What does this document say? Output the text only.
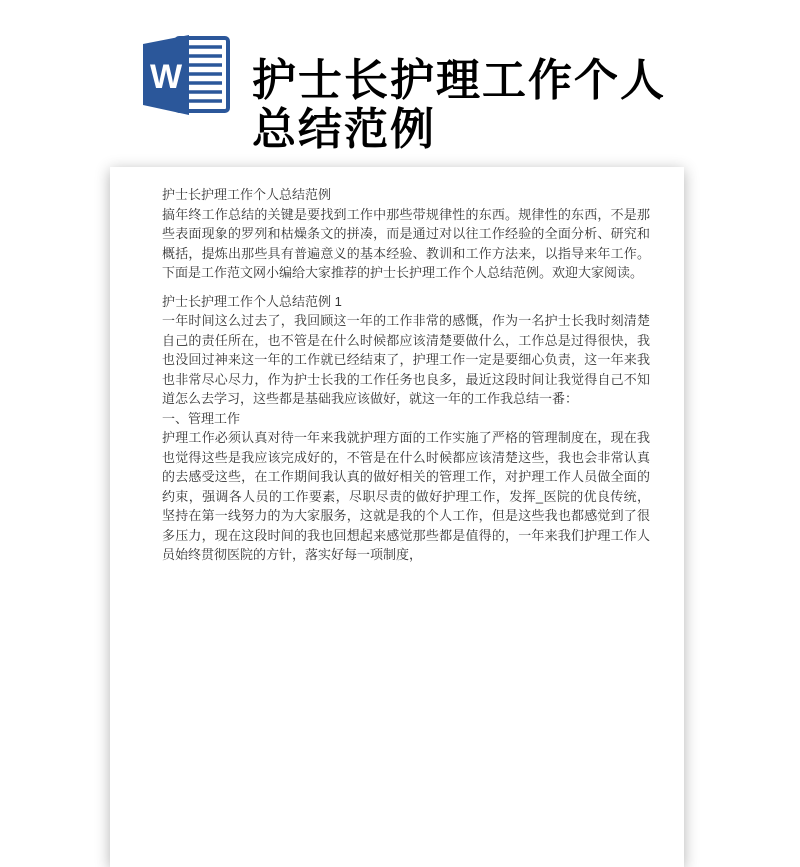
W 护士长护理工作个人总结范例

护士长护理工作个人总结范例

搞年终工作总结的关键是要找到工作中那些带规律性的东西。规律性的东西，不是那些表面现象的罗列和枯燥条文的拼凑，而是通过对以往工作经验的全面分析、研究和概括，提炼出那些具有普遍意义的基本经验、教训和工作方法来，以指导来年工作。下面是工作范文网小编给大家推荐的护士长护理工作个人总结范例。欢迎大家阅读。

护士长护理工作个人总结范例 1

一年时间这么过去了，我回顾这一年的工作非常的感慨，作为一名护士长我时刻清楚自己的责任所在，也不管是在什么时候都应该清楚要做什么，工作总是过得很快，我也没回过神来这一年的工作就已经结束了，护理工作一定是要细心负责，这一年来我也非常尽心尽力，作为护士长我的工作任务也良多，最近这段时间让我觉得自己不知道怎么去学习，这些都是基础我应该做好，就这一年的工作我总结一番：

一、管理工作

护理工作必须认真对待一年来我就护理方面的工作实施了严格的管理制度在，现在我也觉得这些是我应该完成好的，不管是在什么时候都应该清楚这些，我也会非常认真的去感受这些，在工作期间我认真的做好相关的管理工作，对护理工作人员做全面的约束，强调各人员的工作要素，尽职尽责的做好护理工作，发挥_医院的优良传统，坚持在第一线努力的为大家服务，这就是我的个人工作，但是这些我也都感觉到了很多压力，现在这段时间的我也回想起来感觉那些都是值得的，一年来我们护理工作人员始终贯彻医院的方针，落实好每一项制度，
